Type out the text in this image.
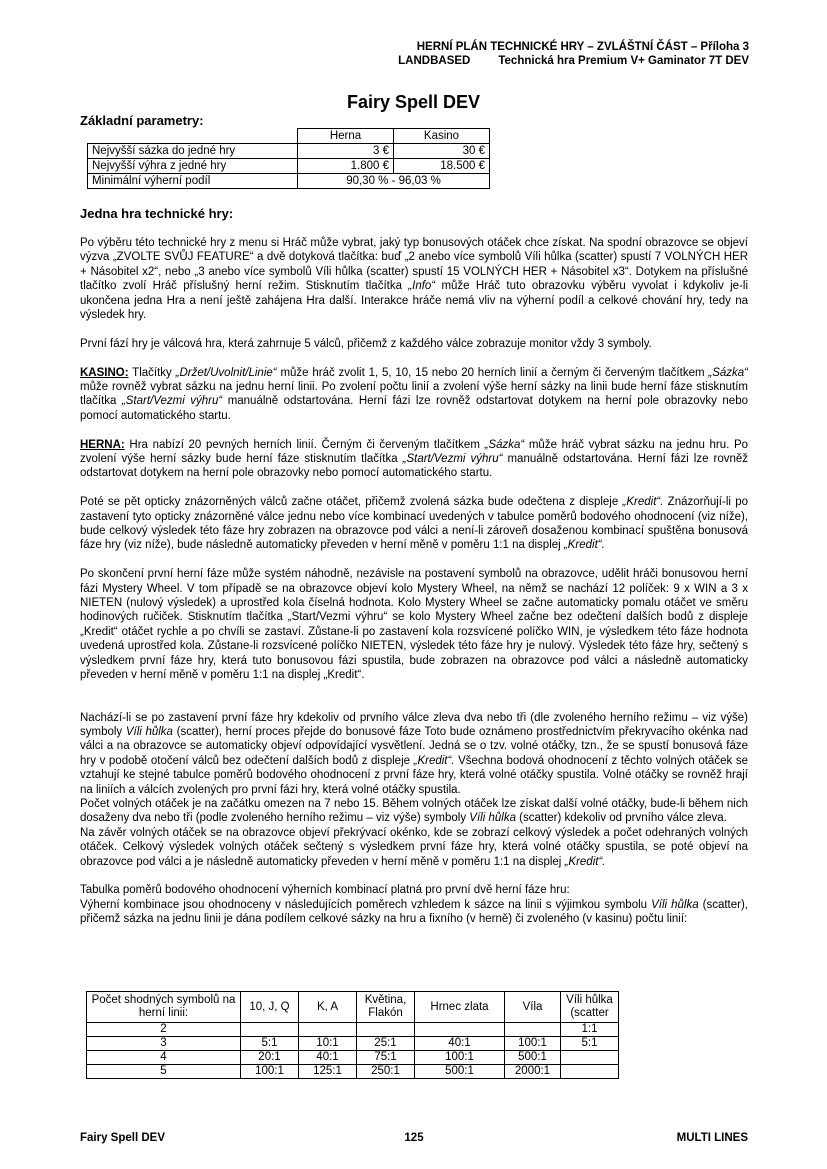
HERNÍ PLÁN TECHNICKÉ HRY – ZVLÁŠTNÍ ČÁST – Příloha 3
LANDBASED Technická hra Premium V+ Gaminator 7T DEV
Fairy Spell DEV
Základní parametry:
	Herna	Kasino
Nejvyšší sázka do jedné hry	3 €	30 €
Nejvyšší výhra z jedné hry	1.800 €	18.500 €
Minimální výherní podíl	90,30 % - 96,03 %	
Jedna hra technické hry:

Po výběru této technické hry z menu si Hráč může vybrat, jaký typ bonusových otáček chce získat. Na spodní obrazovce se objeví výzva „ZVOLTE SVŮJ FEATURE“ a dvě dotyková tlačítka: buď „2 anebo více symbolů Víli hůlka (scatter) spustí 7 VOLNÝCH HER + Násobitel x2“, nebo „3 anebo více symbolů Víli hůlka (scatter) spustí 15 VOLNÝCH HER + Násobitel x3“. Dotykem na příslušné tlačítko zvolí Hráč příslušný herní režim. Stisknutím tlačítka „Info“ může Hráč tuto obrazovku výběru vyvolat i kdykoliv je-li ukončena jedna Hra a není ještě zahájena Hra další. Interakce hráče nemá vliv na výherní podíl a celkové chování hry, tedy na výsledek hry.

První fází hry je válcová hra, která zahrnuje 5 válců, přičemž z každého válce zobrazuje monitor vždy 3 symboly.

KASINO: Tlačítky „Držet/Uvolnit/Linie“ může hráč zvolit 1, 5, 10, 15 nebo 20 herních linií a černým či červeným tlačítkem „Sázka“ může rovněž vybrat sázku na jednu herní linii. Po zvolení počtu linií a zvolení výše herní sázky na linii bude herní fáze stisknutím tlačítka „Start/Vezmi výhru“ manuálně odstartována. Herní fázi lze rovněž odstartovat dotykem na herní pole obrazovky nebo pomocí automatického startu.

HERNA: Hra nabízí 20 pevných herních linií. Černým či červeným tlačítkem „Sázka“ může hráč vybrat sázku na jednu hru. Po zvolení výše herní sázky bude herní fáze stisknutím tlačítka „Start/Vezmi výhru“ manuálně odstartována. Herní fázi lze rovněž odstartovat dotykem na herní pole obrazovky nebo pomocí automatického startu.

Poté se pět opticky znázorněných válců začne otáčet, přičemž zvolená sázka bude odečtena z displeje „Kredit“. Znázorňují-li po zastavení tyto opticky znázorněné válce jednu nebo více kombinací uvedených v tabulce poměrů bodového ohodnocení (viz níže), bude celkový výsledek této fáze hry zobrazen na obrazovce pod válci a není-li zároveň dosaženou kombinací spuštěna bonusová fáze hry (viz níže), bude následně automaticky převeden v herní měně v poměru 1:1 na displej „Kredit“.

Po skončení první herní fáze může systém náhodně, nezávisle na postavení symbolů na obrazovce, udělit hráči bonusovou herní fázi Mystery Wheel. V tom případě se na obrazovce objeví kolo Mystery Wheel, na němž se nachází 12 políček: 9 x WIN a 3 x NIETEN (nulový výsledek) a uprostřed kola číselná hodnota. Kolo Mystery Wheel se začne automaticky pomalu otáčet ve směru hodinových ručiček. Stisknutím tlačítka „Start/Vezmi výhru“ se kolo Mystery Wheel začne bez odečtení dalších bodů z displeje „Kredit“ otáčet rychle a po chvíli se zastaví. Zůstane-li po zastavení kola rozsvícené políčko WIN, je výsledkem této fáze hodnota uvedená uprostřed kola. Zůstane-li rozsvícené políčko NIETEN, výsledek této fáze hry je nulový. Výsledek této fáze hry, sečtený s výsledkem první fáze hry, která tuto bonusovou fázi spustila, bude zobrazen na obrazovce pod válci a následně automaticky převeden v herní měně v poměru 1:1 na displej „Kredit“.

Nachází-li se po zastavení první fáze hry kdekoliv od prvního válce zleva dva nebo tři (dle zvoleného herního režimu – viz výše) symboly Víli hůlka (scatter), herní proces přejde do bonusové fáze Toto bude oznámeno prostřednictvím překryvacího okénka nad válci a na obrazovce se automaticky objeví odpovídající vysvětlení. Jedná se o tzv. volné otáčky, tzn., že se spustí bonusová fáze hry v podobě otočení válců bez odečtení dalších bodů z displeje „Kredit“. Všechna bodová ohodnocení z těchto volných otáček se vztahují ke stejné tabulce poměrů bodového ohodnocení z první fáze hry, která volné otáčky spustila. Volné otáčky se rovněž hrají na liniích a válcích zvolených pro první fázi hry, která volné otáčky spustila.

Počet volných otáček je na začátku omezen na 7 nebo 15. Během volných otáček lze získat další volné otáčky, bude-li během nich dosaženy dva nebo tři (podle zvoleného herního režimu – viz výše) symboly Víli hůlka (scatter) kdekoliv od prvního válce zleva.

Na závěr volných otáček se na obrazovce objeví překrývací okénko, kde se zobrazí celkový výsledek a počet odehraných volných otáček. Celkový výsledek volných otáček sečtený s výsledkem první fáze hry, která volné otáčky spustila, se poté objeví na obrazovce pod válci a je následně automaticky převeden v herní měně v poměru 1:1 na displej „Kredit“.

Tabulka poměrů bodového ohodnocení výherních kombinací platná pro první dvě herní fáze hru:
Výherní kombinace jsou ohodnoceny v následujících poměrech vzhledem k sázce na linii s výjimkou symbolu Víli hůlka (scatter), přičemž sázka na jednu linii je dána podílem celkové sázky na hru a fixního (v herně) či zvoleného (v kasinu) počtu linií:

Počet shodných symbolů na herní linii:	10, J, Q	K, A	Květina, Flakón	Hrnec zlata	Víla	Víli hůlka (scatter
2						1:1
3	5:1	10:1	25:1	40:1	100:1	5:1
4	20:1	40:1	75:1	100:1	500:1	
5	100:1	125:1	250:1	500:1	2000:1	
Fairy Spell DEV	125	MULTI LINES
